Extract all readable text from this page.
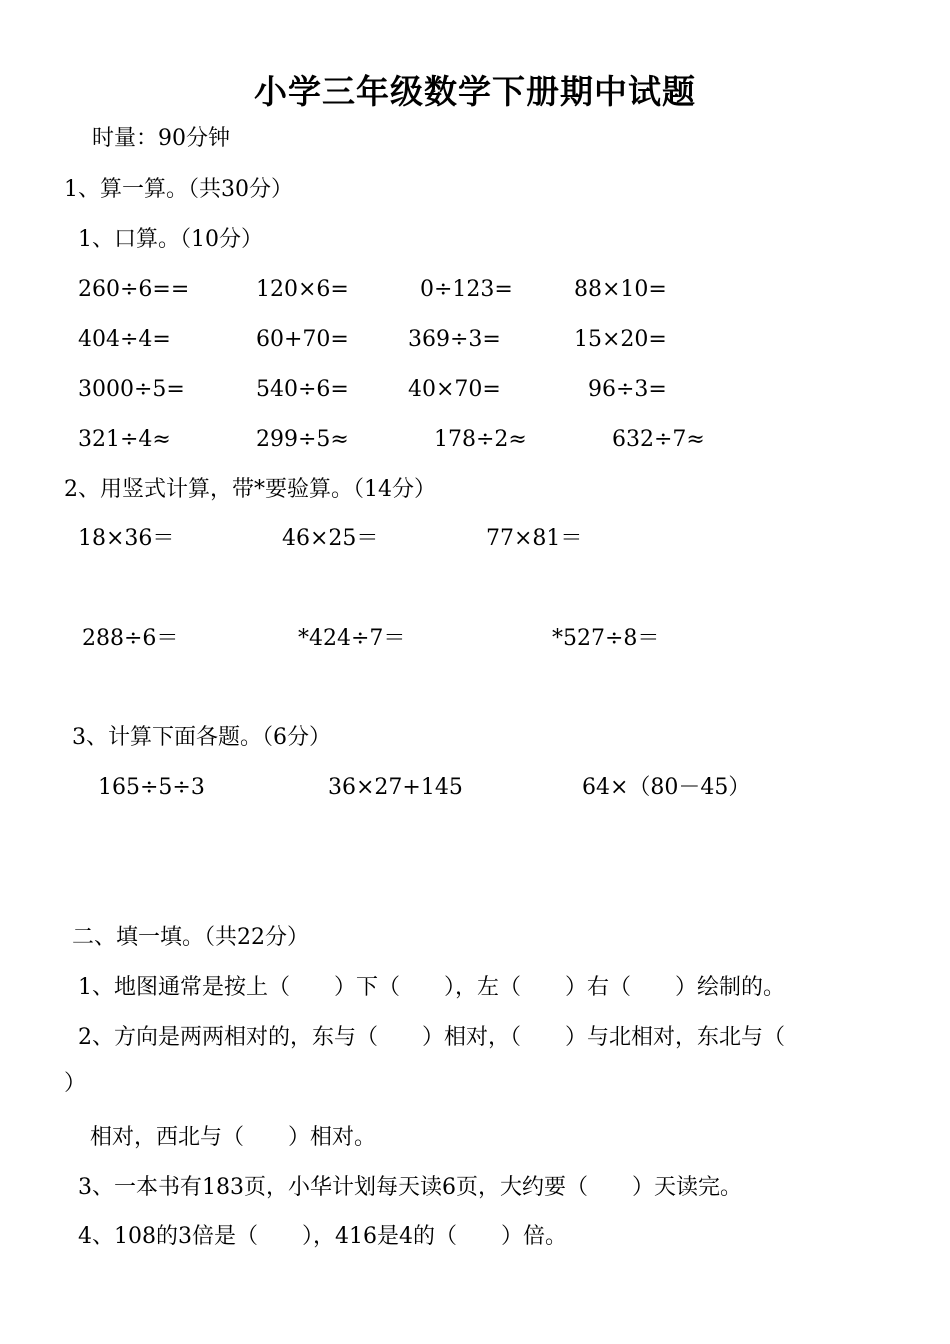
小学三年级数学下册期中试题
时量：90分钟
1、算一算。（共30分）
1、口算。（10分）
260÷6==	120×6=	0÷123=	88×10=
404÷4=	60+70=	369÷3=	15×20=
3000÷5=	540÷6=	40×70=	96÷3=
321÷4≈	299÷5≈	178÷2≈	632÷7≈
2、用竖式计算，带*要验算。（14分）
18×36＝	46×25＝	77×81＝
288÷6＝	*424÷7＝	*527÷8＝
3、计算下面各题。（6分）
165÷5÷3	36×27+145	64×（80－45）
二、填一填。（共22分）
1、地图通常是按上（　　）下（　　），左（　　）右（　　）绘制的。
2、方向是两两相对的，东与（　　）相对，（　　）与北相对，东北与（
）
相对，西北与（　　）相对。
3、一本书有183页，小华计划每天读6页，大约要（　　）天读完。
4、108的3倍是（　　），416是4的（　　）倍。
